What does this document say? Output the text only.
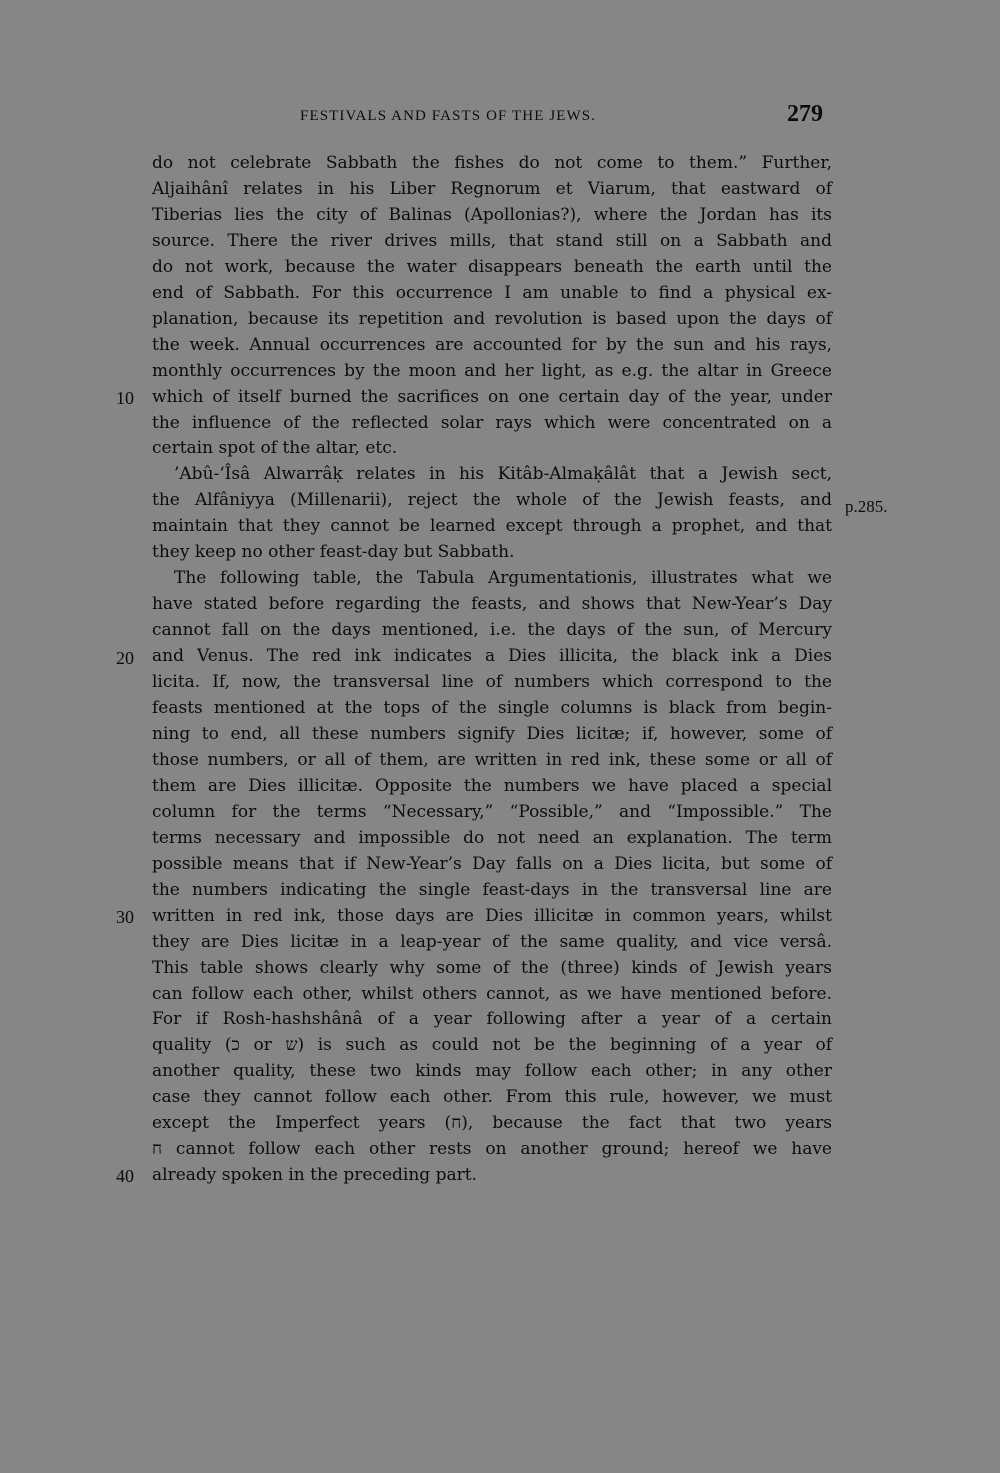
FESTIVALS AND FASTS OF THE JEWS.	279
10
20
30
40
p.285.
do not celebrate Sabbath the fishes do not come to them.” Further,
Aljaihânî relates in his Liber Regnorum et Viarum, that eastward of
Tiberias lies the city of Balinas (Apollonias?), where the Jordan has its
source. There the river drives mills, that stand still on a Sabbath and
do not work, because the water disappears beneath the earth until the
end of Sabbath. For this occurrence I am unable to find a physical ex-
planation, because its repetition and revolution is based upon the days of
the week. Annual occurrences are accounted for by the sun and his rays,
monthly occurrences by the moon and her light, as e.g. the altar in Greece
which of itself burned the sacrifices on one certain day of the year, under
the influence of the reflected solar rays which were concentrated on a
certain spot of the altar, etc.
’Abû-‘Îsâ Alwarrâḳ relates in his Kitâb-Almaḳâlât that a Jewish sect,
the Alfâniyya (Millenarii), reject the whole of the Jewish feasts, and
maintain that they cannot be learned except through a prophet, and that
they keep no other feast-day but Sabbath.
The following table, the Tabula Argumentationis, illustrates what we
have stated before regarding the feasts, and shows that New-Year’s Day
cannot fall on the days mentioned, i.e. the days of the sun, of Mercury
and Venus. The red ink indicates a Dies illicita, the black ink a Dies
licita. If, now, the transversal line of numbers which correspond to the
feasts mentioned at the tops of the single columns is black from begin-
ning to end, all these numbers signify Dies licitæ; if, however, some of
those numbers, or all of them, are written in red ink, these some or all of
them are Dies illicitæ. Opposite the numbers we have placed a special
column for the terms “Necessary,” “Possible,” and “Impossible.” The
terms necessary and impossible do not need an explanation. The term
possible means that if New-Year’s Day falls on a Dies licita, but some of
the numbers indicating the single feast-days in the transversal line are
written in red ink, those days are Dies illicitæ in common years, whilst
they are Dies licitæ in a leap-year of the same quality, and vice versâ.
This table shows clearly why some of the (three) kinds of Jewish years
can follow each other, whilst others cannot, as we have mentioned before.
For if Rosh-hashshânâ of a year following after a year of a certain
quality (כ or ש) is such as could not be the beginning of a year of
another quality, these two kinds may follow each other; in any other
case they cannot follow each other. From this rule, however, we must
except the Imperfect years (ח), because the fact that two years
ח cannot follow each other rests on another ground; hereof we have
already spoken in the preceding part.
